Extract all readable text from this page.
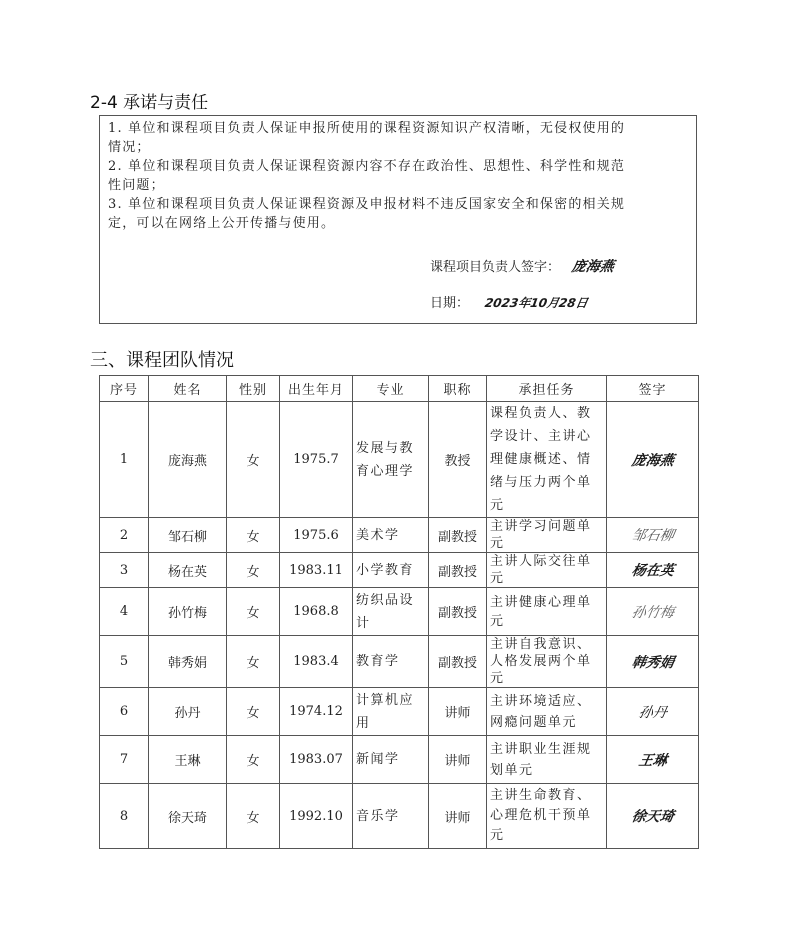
2-4 承诺与责任
1. 单位和课程项目负责人保证申报所使用的课程资源知识产权清晰，无侵权使用的
情况；
2. 单位和课程项目负责人保证课程资源内容不存在政治性、思想性、科学性和规范
性问题；
3. 单位和课程项目负责人保证课程资源及申报材料不违反国家安全和保密的相关规
定，可以在网络上公开传播与使用。
课程项目负责人签字： 庞海燕
日期： 2023年10月28日
三、课程团队情况
序号	姓名	性别	出生年月	专业	职称	承担任务	签字
1	庞海燕	女	1975.7	发展与教育心理学	教授	课程负责人、教学设计、主讲心理健康概述、情绪与压力两个单元	庞海燕
2	邹石柳	女	1975.6	美术学	副教授	主讲学习问题单元	邹石柳
3	杨在英	女	1983.11	小学教育	副教授	主讲人际交往单元	杨在英
4	孙竹梅	女	1968.8	纺织品设计	副教授	主讲健康心理单元	孙竹梅
5	韩秀娟	女	1983.4	教育学	副教授	主讲自我意识、人格发展两个单元	韩秀娟
6	孙丹	女	1974.12	计算机应用	讲师	主讲环境适应、网瘾问题单元	孙丹
7	王琳	女	1983.07	新闻学	讲师	主讲职业生涯规划单元	王琳
8	徐天琦	女	1992.10	音乐学	讲师	主讲生命教育、心理危机干预单元	徐天琦
